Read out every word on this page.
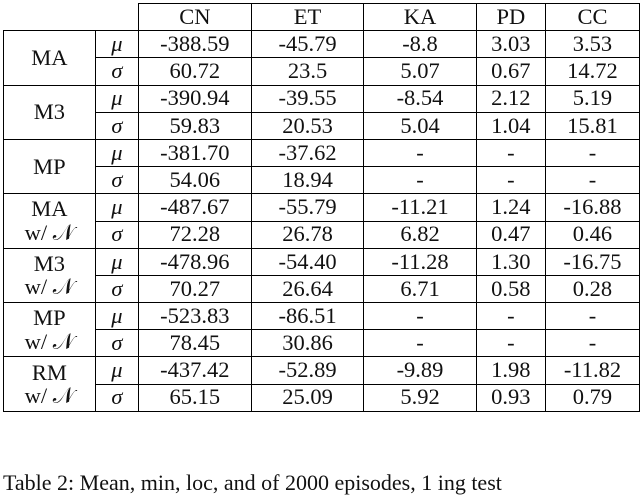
		CN	ET	KA	PD	CC
MA	μ	-388.59	-45.79	-8.8	3.03	3.53
	σ	60.72	23.5	5.07	0.67	14.72
M3	μ	-390.94	-39.55	-8.54	2.12	5.19
	σ	59.83	20.53	5.04	1.04	15.81
MP	μ	-381.70	-37.62	-	-	-
	σ	54.06	18.94	-	-	-
MA
w/ 𝒩	μ	-487.67	-55.79	-11.21	1.24	-16.88
	σ	72.28	26.78	6.82	0.47	0.46
M3
w/ 𝒩	μ	-478.96	-54.40	-11.28	1.30	-16.75
	σ	70.27	26.64	6.71	0.58	0.28
MP
w/ 𝒩	μ	-523.83	-86.51	-	-	-
	σ	78.45	30.86	-	-	-
RM
w/ 𝒩	μ	-437.42	-52.89	-9.89	1.98	-11.82
	σ	65.15	25.09	5.92	0.93	0.79
Table 2: Mean, min, loc, and of 2000 episodes, 1 ing test
